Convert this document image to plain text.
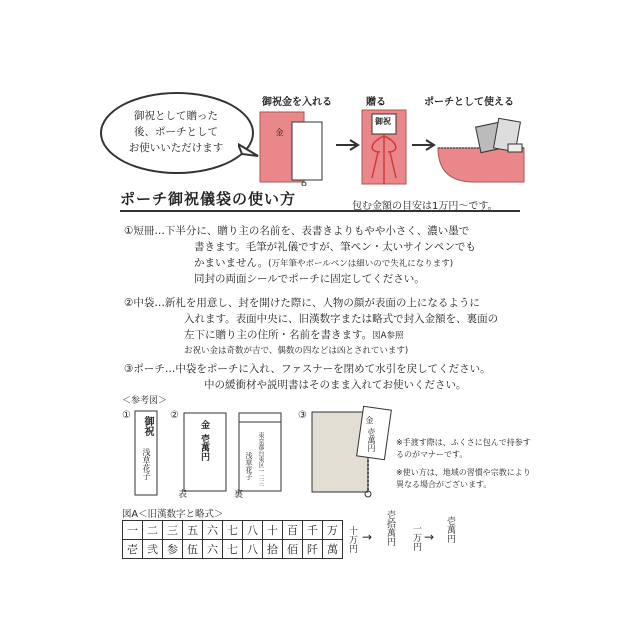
御祝として贈った
後、ポーチとして
お使いいただけます
御祝金を入れる	贈る	ポーチとして使える
金
御祝
ポーチ御祝儀袋の使い方	包む金額の目安は1万円〜です。
①短冊…下半分に、贈り主の名前を、表書きよりもやや小さく、濃い墨で
書きます。毛筆が礼儀ですが、筆ペン・太いサインペンでも
かまいません。(万年筆やボールペンは細いので失礼になります)
同封の両面シールでポーチに固定してください。
②中袋…新札を用意し、封を開けた際に、人物の顔が表面の上になるように
入れます。表面中央に、旧漢数字または略式で封入金額を、裏面の
左下に贈り主の住所・名前を書きます。図A参照
お祝い金は奇数が吉で、偶数の四などは凶とされています)
③ポーチ…中袋をポーチに入れ、ファスナーを閉めて水引を戻してください。
中の緩衝材や説明書はそのまま入れてお使いください。
＜参考図＞
①
御祝
浅草花子
②
金
壱萬円
表
東京都台東区一二三
浅草花子
裏
③	金
壱萬円	※手渡す際は、ふくさに包んで持参するのがマナーです。
※使い方は、地域の習慣や宗教により異なる場合がございます。
図A＜旧漢数字と略式＞
一	二	三	五	六	七	八	十	百	千	万
壱	弐	参	伍	六	七	八	拾	佰	阡	萬 十万円 → 壱拾萬円 一万円 → 壱萬円
